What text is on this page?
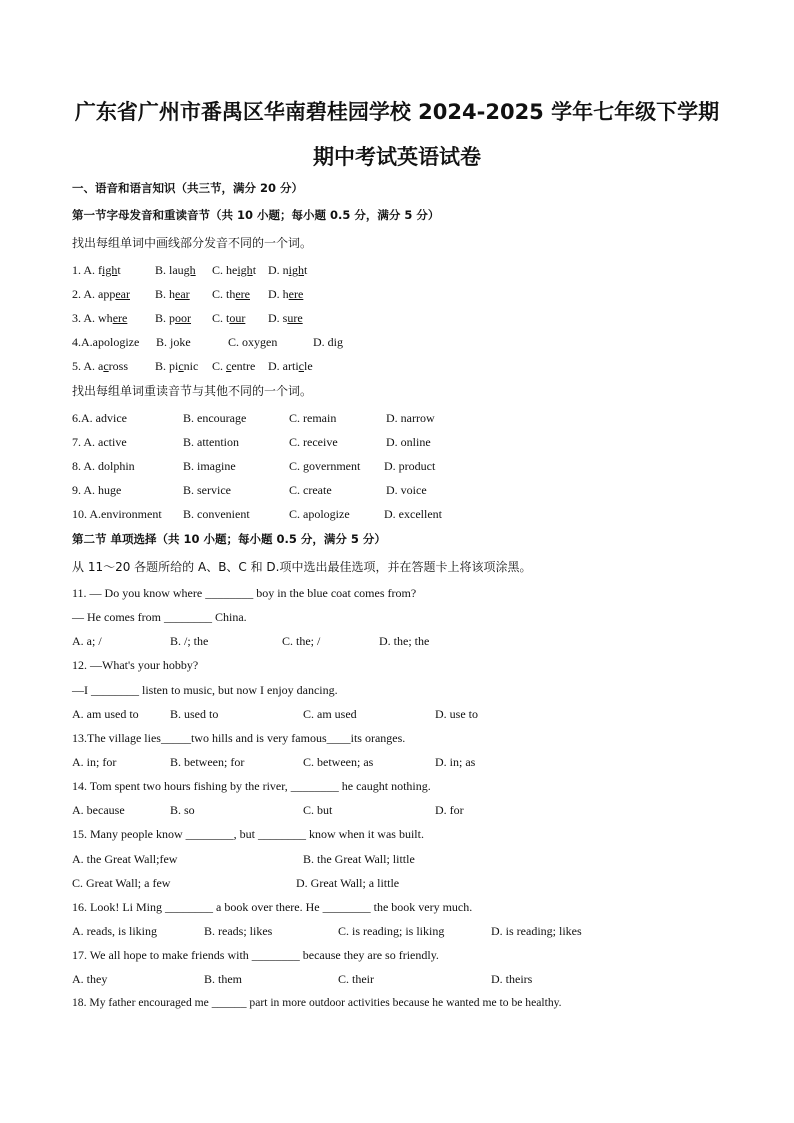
广东省广州市番禺区华南碧桂园学校 2024-2025 学年七年级下学期
期中考试英语试卷
一、语音和语言知识（共三节，满分 20 分）
第一节字母发音和重读音节（共 10 小题；每小题 0.5 分，满分 5 分）
找出每组单词中画线部分发音不同的一个词。
1. A. fight	B. laugh C. height D. night
2. A. appear B. hear C. there D. here
3. A. where B. poor C. tour D. sure
4.A.apologize B. joke	C. oxygen	D. dig
5. A. across B. picnic C. centre D. article
找出每组单词重读音节与其他不同的一个词。
6.A. advice	B. encourage	C. remain	D. narrow
7. A. active	B. attention	C. receive	D. online
8. A. dolphin	B. imagine	C. government D. product
9. A. huge	B. service	C. create	D. voice
10. A.environment B. convenient	C. apologize	D. excellent
第二节 单项选择（共 10 小题；每小题 0.5 分，满分 5 分）
从 11～20 各题所给的 A、B、C 和 D.项中选出最佳选项，并在答题卡上将该项涂黑。
11. — Do you know where ________ boy in the blue coat comes from?
— He comes from ________ China.
A. a; /	B. /; the	C. the; /	D. the; the
12. —What's your hobby?
—I ________ listen to music, but now I enjoy dancing.
A. am used to	B. used to	C. am used	D. use to
13.The village lies_____two hills and is very famous____its oranges.
A. in; for	B. between; for	C. between; as	D. in; as
14. Tom spent two hours fishing by the river, ________ he caught nothing.
A. because	B. so	C. but	D. for
15. Many people know ________, but ________ know when it was built.
A. the Great Wall;few	B. the Great Wall; little
C. Great Wall; a few	D. Great Wall; a little
16. Look! Li Ming ________ a book over there. He ________ the book very much.
A. reads, is liking	B. reads; likes	C. is reading; is liking	D. is reading; likes
17. We all hope to make friends with ________ because they are so friendly.
A. they	B. them	C. their	D. theirs
18. My father encouraged me ______ part in more outdoor activities because he wanted me to be healthy.
